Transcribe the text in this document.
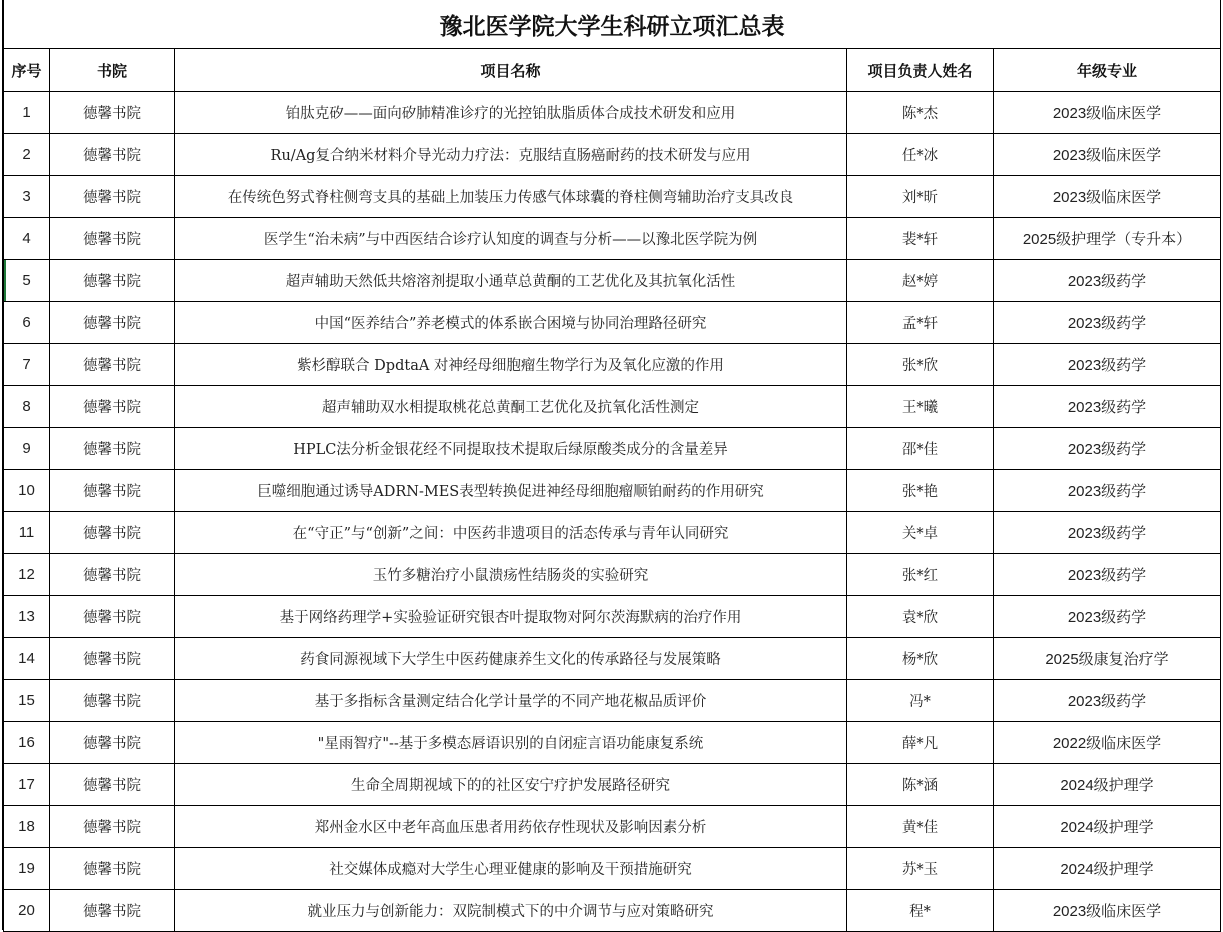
豫北医学院大学生科研立项汇总表				
序号	书院	项目名称	项目负责人姓名	年级专业
1	德馨书院	铂肽克矽——面向矽肺精准诊疗的光控铂肽脂质体合成技术研发和应用	陈*杰	2023级临床医学
2	德馨书院	Ru/Ag复合纳米材料介导光动力疗法：克服结直肠癌耐药的技术研发与应用	任*冰	2023级临床医学
3	德馨书院	在传统色努式脊柱侧弯支具的基础上加装压力传感气体球囊的脊柱侧弯辅助治疗支具改良	刘*昕	2023级临床医学
4	德馨书院	医学生“治未病”与中西医结合诊疗认知度的调查与分析——以豫北医学院为例	裴*轩	2025级护理学（专升本）
5	德馨书院	超声辅助天然低共熔溶剂提取小通草总黄酮的工艺优化及其抗氧化活性	赵*婷	2023级药学
6	德馨书院	中国“医养结合”养老模式的体系嵌合困境与协同治理路径研究	孟*轩	2023级药学
7	德馨书院	紫杉醇联合 DpdtaA 对神经母细胞瘤生物学行为及氧化应激的作用	张*欣	2023级药学
8	德馨书院	超声辅助双水相提取桃花总黄酮工艺优化及抗氧化活性测定	王*曦	2023级药学
9	德馨书院	HPLC法分析金银花经不同提取技术提取后绿原酸类成分的含量差异	邵*佳	2023级药学
10	德馨书院	巨噬细胞通过诱导ADRN-MES表型转换促进神经母细胞瘤顺铂耐药的作用研究	张*艳	2023级药学
11	德馨书院	在“守正”与“创新”之间：中医药非遗项目的活态传承与青年认同研究	关*卓	2023级药学
12	德馨书院	玉竹多糖治疗小鼠溃疡性结肠炎的实验研究	张*红	2023级药学
13	德馨书院	基于网络药理学+实验验证研究银杏叶提取物对阿尔茨海默病的治疗作用	袁*欣	2023级药学
14	德馨书院	药食同源视域下大学生中医药健康养生文化的传承路径与发展策略	杨*欣	2025级康复治疗学
15	德馨书院	基于多指标含量测定结合化学计量学的不同产地花椒品质评价	冯*	2023级药学
16	德馨书院	"星雨智疗"--基于多模态唇语识别的自闭症言语功能康复系统	薛*凡	2022级临床医学
17	德馨书院	生命全周期视域下的的社区安宁疗护发展路径研究	陈*涵	2024级护理学
18	德馨书院	郑州金水区中老年高血压患者用药依存性现状及影响因素分析	黄*佳	2024级护理学
19	德馨书院	社交媒体成瘾对大学生心理亚健康的影响及干预措施研究	苏*玉	2024级护理学
20	德馨书院	就业压力与创新能力：双院制模式下的中介调节与应对策略研究	程*	2023级临床医学
